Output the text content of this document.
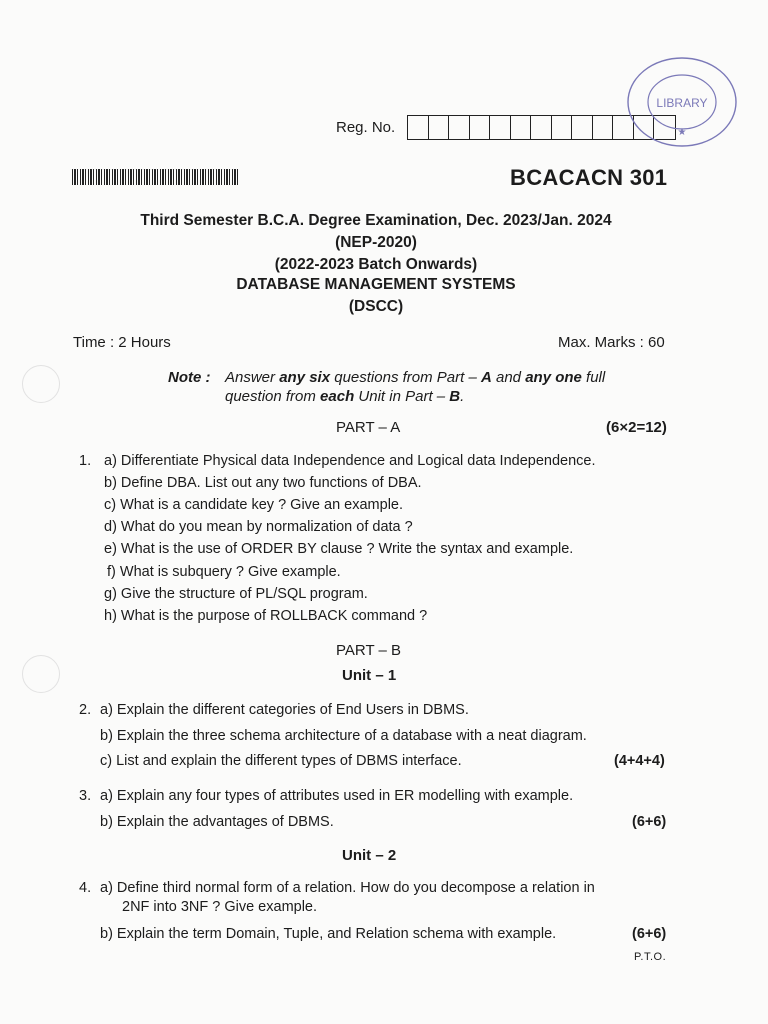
Reg. No.
BCACACN 301
LIBRARY
★
Third Semester B.C.A. Degree Examination, Dec. 2023/Jan. 2024
(NEP-2020)
(2022-2023 Batch Onwards)
DATABASE MANAGEMENT SYSTEMS
(DSCC)
Time : 2 Hours	Max. Marks : 60
Note : Answer any six questions from Part – A and any one full
question from each Unit in Part – B.
PART – A	(6×2=12)
1. a) Differentiate Physical data Independence and Logical data Independence.
b) Define DBA. List out any two functions of DBA.
c) What is a candidate key ? Give an example.
d) What do you mean by normalization of data ?
e) What is the use of ORDER BY clause ? Write the syntax and example.
f) What is subquery ? Give example.
g) Give the structure of PL/SQL program.
h) What is the purpose of ROLLBACK command ?
PART – B
Unit – 1
2. a) Explain the different categories of End Users in DBMS.
b) Explain the three schema architecture of a database with a neat diagram.
c) List and explain the different types of DBMS interface.	(4+4+4)
3. a) Explain any four types of attributes used in ER modelling with example.
b) Explain the advantages of DBMS.	(6+6)
Unit – 2
4. a) Define third normal form of a relation. How do you decompose a relation in
2NF into 3NF ? Give example.
b) Explain the term Domain, Tuple, and Relation schema with example.	(6+6)
P.T.O.
